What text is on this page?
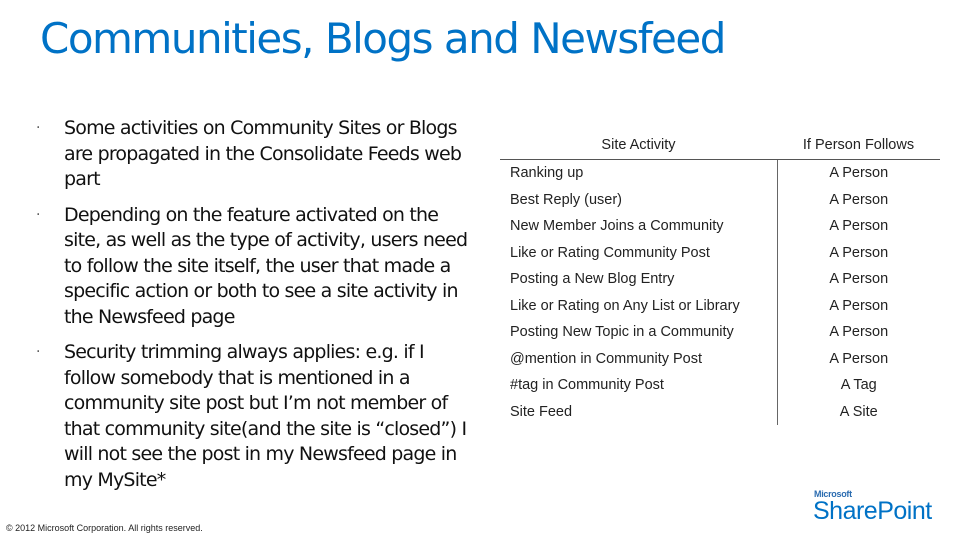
Communities, Blogs and Newsfeed
· Some activities on Community Sites or Blogs are propagated in the Consolidate Feeds web part
· Depending on the feature activated on the site, as well as the type of activity, users need to follow the site itself, the user that made a specific action or both to see a site activity in the Newsfeed page
· Security trimming always applies: e.g. if I follow somebody that is mentioned in a community site post but I’m not member of that community site(and the site is “closed”) I will not see the post in my Newsfeed page in my MySite*
Site Activity	If Person Follows
Ranking up	A Person
Best Reply (user)	A Person
New Member Joins a Community	A Person
Like or Rating Community Post	A Person
Posting a New Blog Entry	A Person
Like or Rating on Any List or Library	A Person
Posting New Topic in a Community	A Person
@mention in Community Post	A Person
#tag in Community Post	A Tag
Site Feed	A Site
© 2012 Microsoft Corporation. All rights reserved.
Microsoft
SharePoint
